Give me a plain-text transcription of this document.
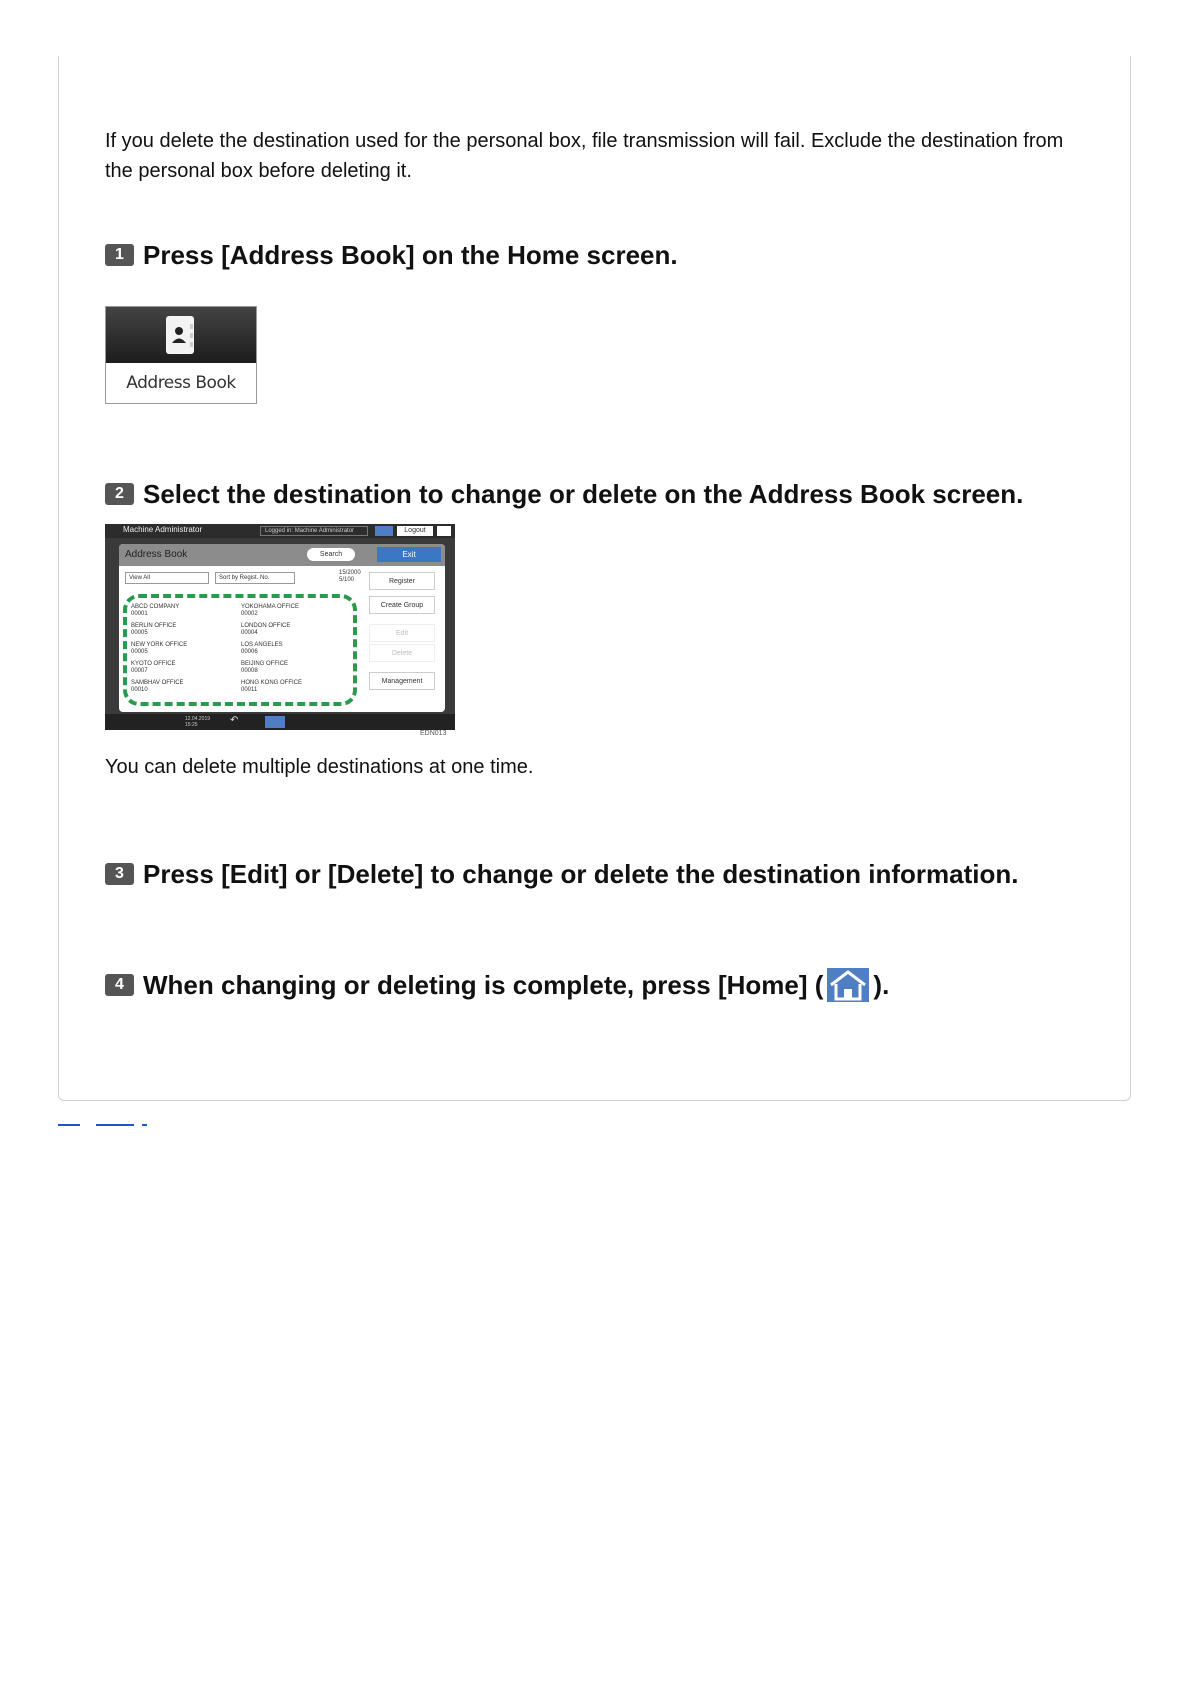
If you delete the destination used for the personal box, file transmission will fail. Exclude the destination from the personal box before deleting it.

1 Press [Address Book] on the Home screen.
Address Book
2 Select the destination to change or delete on the Address Book screen.
Machine Administrator	Logged in: Machine Administrator	Logout
Address Book	Search	Exit
View All	Sort by Regist. No.
15/2000
5/100	Register
Create Group
Edit
Delete
Management
ABCD COMPANY
00001
BERLIN OFFICE
00005
NEW YORK OFFICE
00005
KYOTO OFFICE
00007
SAMBHAV OFFICE
00010
YOKOHAMA OFFICE
00002
LONDON OFFICE
00004
LOS ANGELES
00006
BEIJING OFFICE
00008
HONG KONG OFFICE
00011
12.04.2019
15:25	↶
EDN013

You can delete multiple destinations at one time.

3 Press [Edit] or [Delete] to change or delete the destination information.
4 When changing or deleting is complete, press [Home] ( ).
